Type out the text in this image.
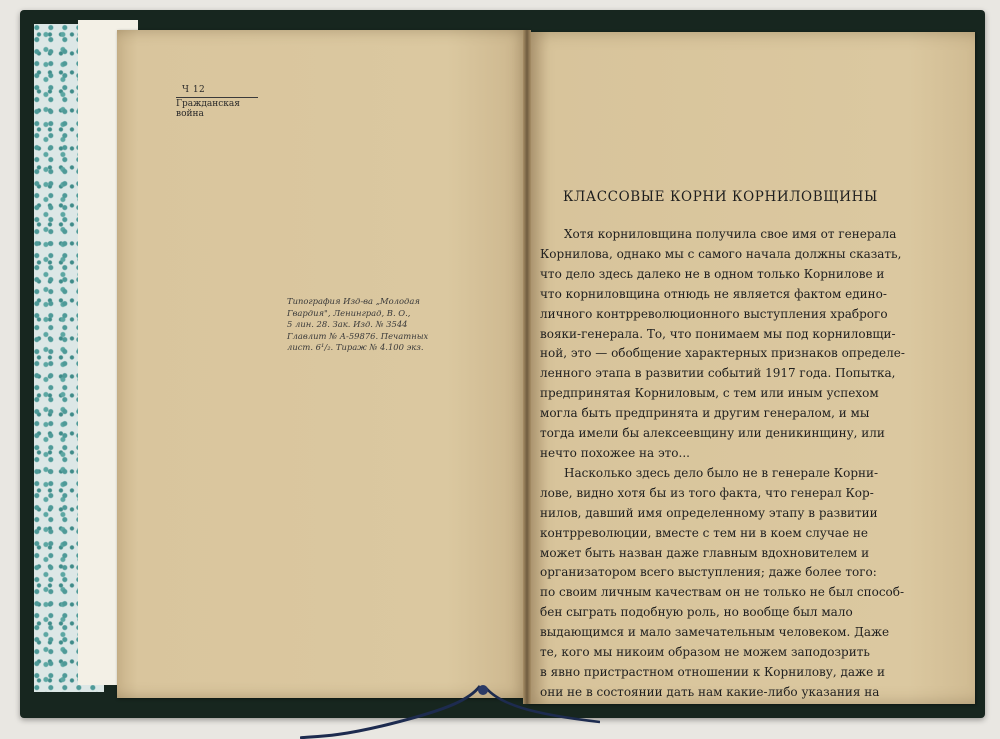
Ч 12
Гражданская война
Типография Изд-ва „Молодая
Гвардия", Ленинград, В. О.,
5 лин. 28. Зак. Изд. № 3544
Главлит № А-59876. Печатных
лист. 6¹/₂. Тираж № 4.100 экз.
КЛАССОВЫЕ КОРНИ КОРНИЛОВЩИНЫ
Хотя корниловщина получила свое имя от генерала
Корнилова, однако мы с самого начала должны сказать,
что дело здесь далеко не в одном только Корнилове и
что корниловщина отнюдь не является фактом едино-
личного контрреволюционного выступления храброго
вояки-генерала. То, что понимаем мы под корниловщи-
ной, это — обобщение характерных признаков определе-
ленного этапа в развитии событий 1917 года. Попытка,
предпринятая Корниловым, с тем или иным успехом
могла быть предпринята и другим генералом, и мы
тогда имели бы алексеевщину или деникинщину, или
нечто похожее на это...
Насколько здесь дело было не в генерале Корни-
лове, видно хотя бы из того факта, что генерал Кор-
нилов, давший имя определенному этапу в развитии
контрреволюции, вместе с тем ни в коем случае не
может быть назван даже главным вдохновителем и
организатором всего выступления; даже более того:
по своим личным качествам он не только не был способ-
бен сыграть подобную роль, но вообще был мало
выдающимся и мало замечательным человеком. Даже
те, кого мы никоим образом не можем заподозрить
в явно пристрастном отношении к Корнилову, даже и
они не в состоянии дать нам какие-либо указания на
